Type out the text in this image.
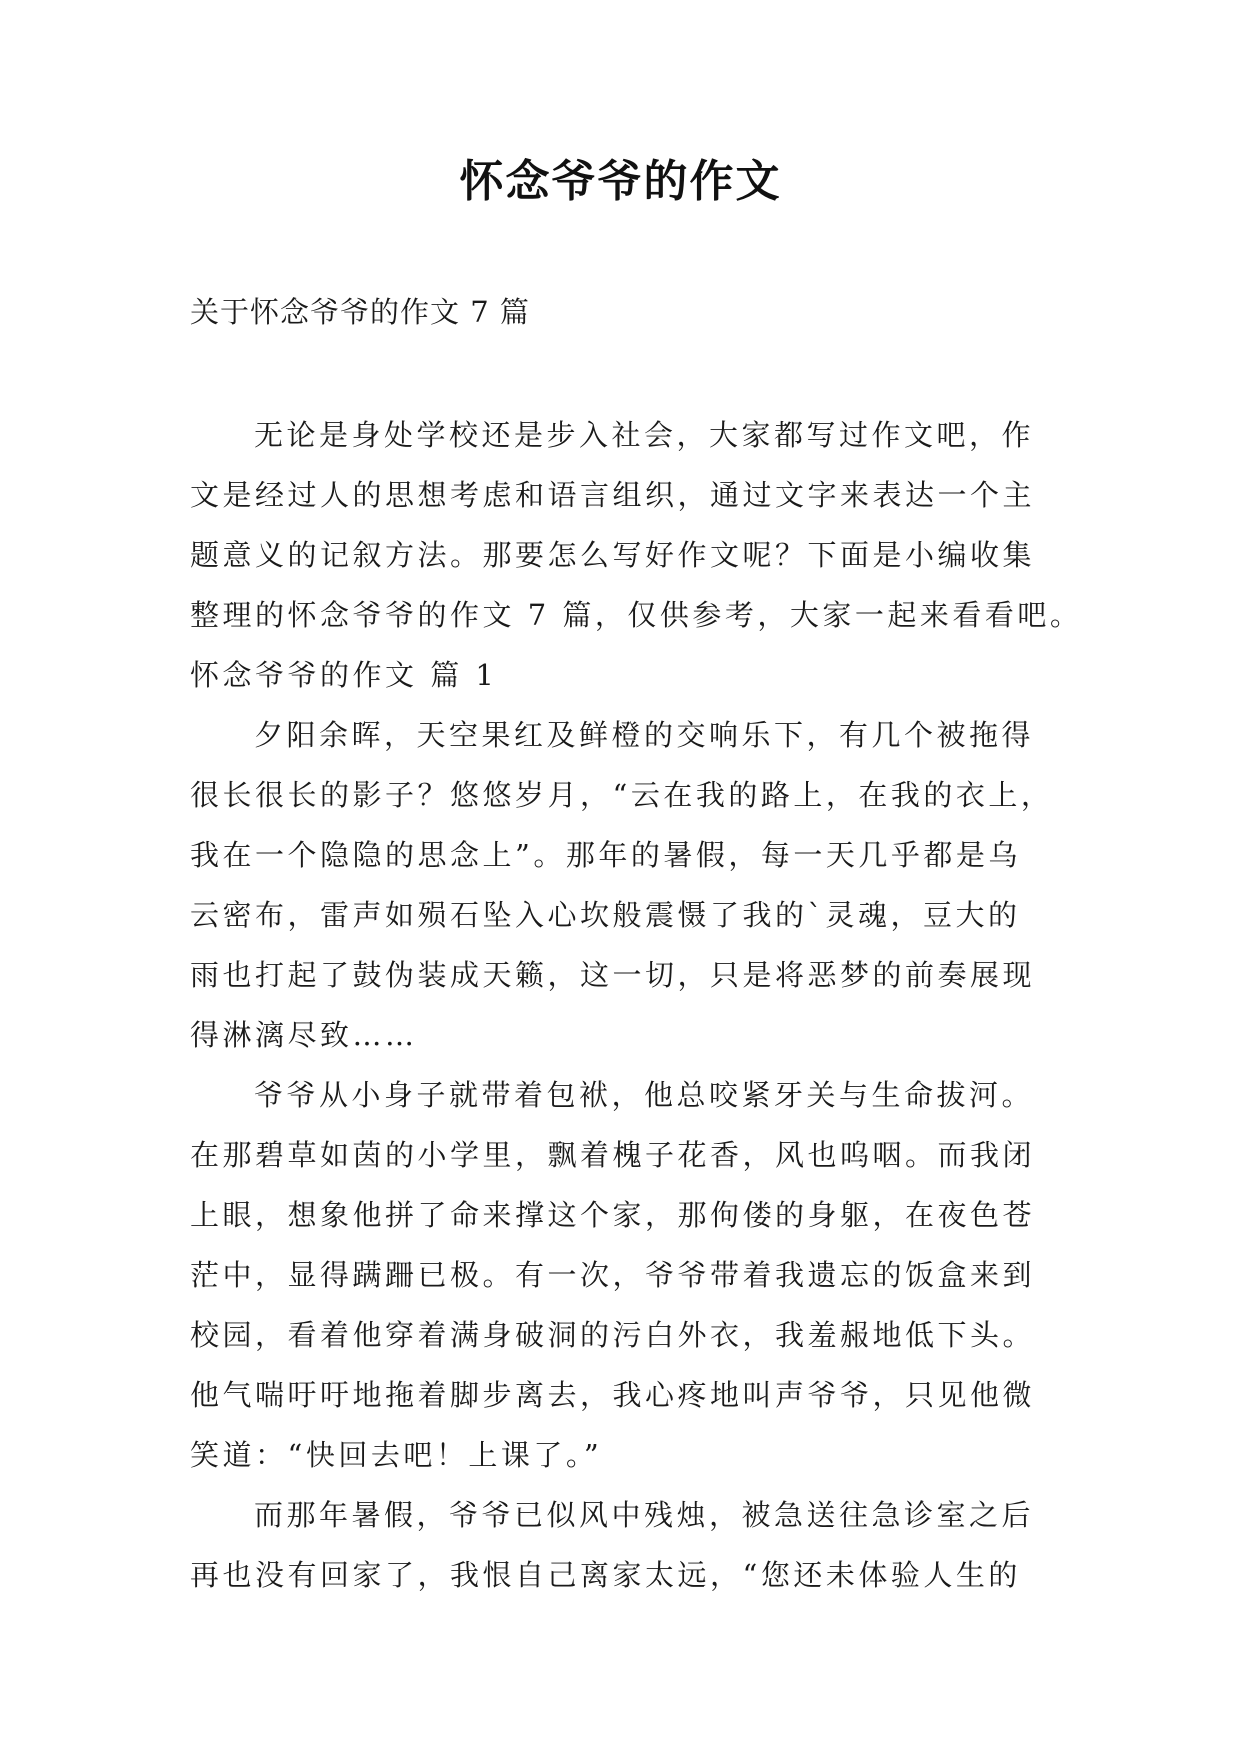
怀念爷爷的作文

关于怀念爷爷的作文 7 篇

无论是身处学校还是步入社会，大家都写过作文吧，作
文是经过人的思想考虑和语言组织，通过文字来表达一个主
题意义的记叙方法。那要怎么写好作文呢？下面是小编收集
整理的怀念爷爷的作文 7 篇，仅供参考，大家一起来看看吧。
怀念爷爷的作文 篇 1
夕阳余晖，天空果红及鲜橙的交响乐下，有几个被拖得
很长很长的影子？悠悠岁月，“云在我的路上，在我的衣上，
我在一个隐隐的思念上”。那年的暑假，每一天几乎都是乌
云密布，雷声如殒石坠入心坎般震慑了我的`灵魂，豆大的
雨也打起了鼓伪装成天籁，这一切，只是将恶梦的前奏展现
得淋漓尽致……
爷爷从小身子就带着包袱，他总咬紧牙关与生命拔河。
在那碧草如茵的小学里，飘着槐子花香，风也呜咽。而我闭
上眼，想象他拼了命来撑这个家，那佝偻的身躯，在夜色苍
茫中，显得蹒跚已极。有一次，爷爷带着我遗忘的饭盒来到
校园，看着他穿着满身破洞的污白外衣，我羞赧地低下头。
他气喘吁吁地拖着脚步离去，我心疼地叫声爷爷，只见他微
笑道：“快回去吧！上课了。”
而那年暑假，爷爷已似风中残烛，被急送往急诊室之后
再也没有回家了，我恨自己离家太远，“您还未体验人生的
